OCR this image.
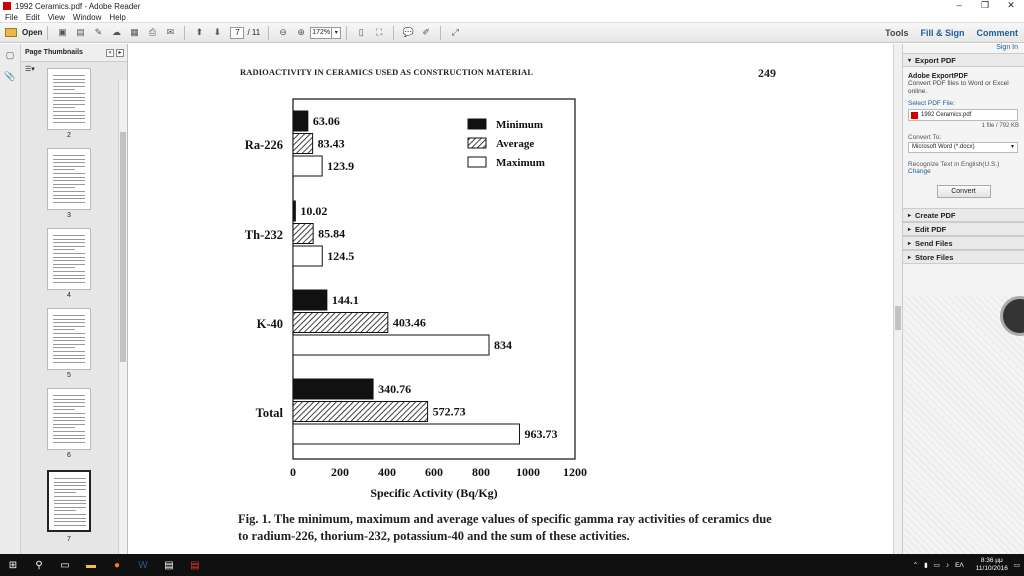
1992 Ceramics.pdf - Adobe Reader	–	❐	✕
File Edit View Window Help
Open	▣	▤	✎	☁	▦	⎙	✉	⬆	⬇	7 / 11	⊖	⊕	172% ▾	▯	⛶	💬 ✐	⤢	Tools	Fill & Sign	Comment
▢
📎
Page Thumbnails	«	▸
☰▾
2
3
4
5
6
7
RADIOACTIVITY IN CERAMICS USED AS CONSTRUCTION MATERIAL	249
63.06
83.43
123.9
Ra-226
10.02
85.84
124.5
Th-232
144.1
403.46
834
K-40
340.76
572.73
963.73
Total
0	200 400 600 800 1000 1200
Specific Activity (Bq/Kg)
Minimum
Average
Maximum
Fig. 1. The minimum, maximum and average values of specific gamma ray activities of ceramics due to radium-226, thorium-232, potassium-40 and the sum of these activities.
Sign In
▾ Export PDF
Adobe ExportPDF
Convert PDF files to Word or Excel online.
Select PDF File:
1992 Ceramics.pdf
1 file / 792 KB
Convert To:
Microsoft Word (*.docx)	▾
Recognize Text in English(U.S.)
Change
Convert
▸ Create PDF
▸ Edit PDF
▸ Send Files
▸ Store Files
⊞	⚲	▭ ▬	●	W ▤ ▤	⌃ ▮ ▭ ♪ ΕΛ
8:36 μμ
11/10/2016 ▭
